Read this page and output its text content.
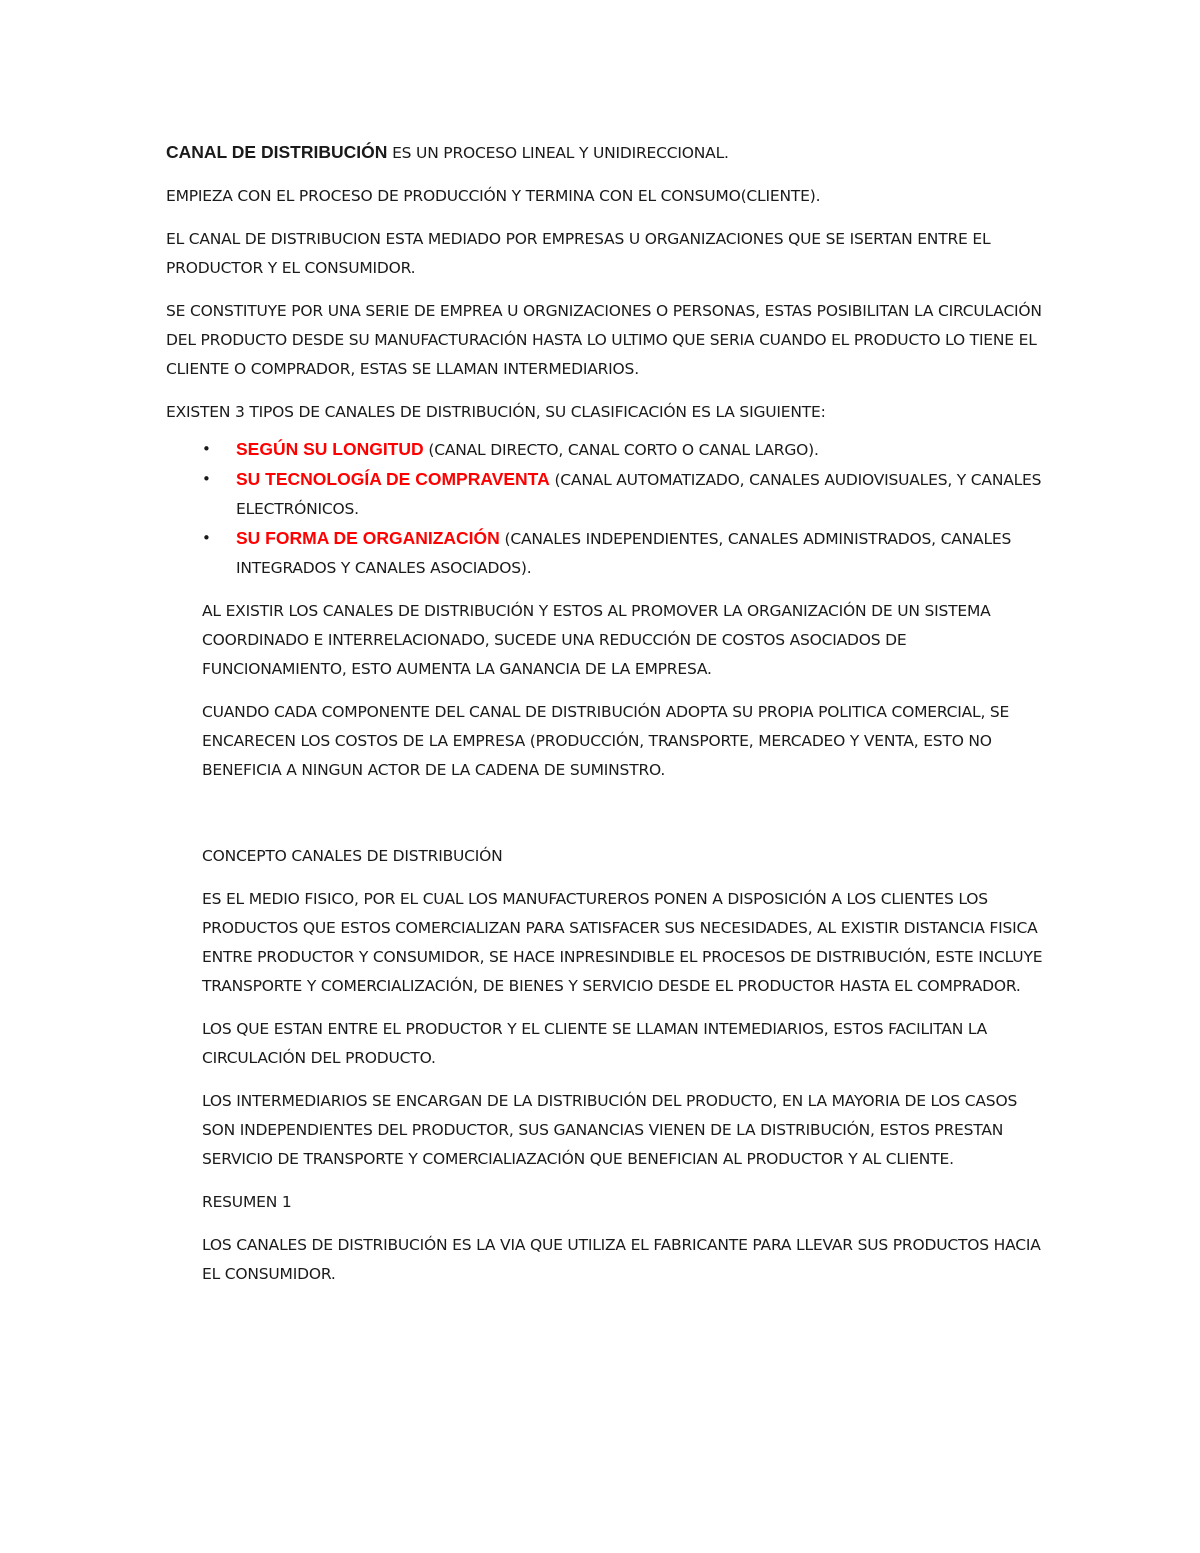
CANAL DE DISTRIBUCIÓN ES UN PROCESO LINEAL Y UNIDIRECCIONAL.

EMPIEZA CON EL PROCESO DE PRODUCCIÓN Y TERMINA CON EL CONSUMO(CLIENTE).

EL CANAL DE DISTRIBUCION ESTA MEDIADO POR EMPRESAS U ORGANIZACIONES QUE SE ISERTAN ENTRE EL PRODUCTOR Y EL CONSUMIDOR.

SE CONSTITUYE POR UNA SERIE DE EMPREA U ORGNIZACIONES O PERSONAS, ESTAS POSIBILITAN LA CIRCULACIÓN DEL PRODUCTO DESDE SU MANUFACTURACIÓN HASTA LO ULTIMO QUE SERIA CUANDO EL PRODUCTO LO TIENE EL CLIENTE O COMPRADOR, ESTAS SE LLAMAN INTERMEDIARIOS.

EXISTEN 3 TIPOS DE CANALES DE DISTRIBUCIÓN, SU CLASIFICACIÓN ES LA SIGUIENTE:

• SEGÚN SU LONGITUD (CANAL DIRECTO, CANAL CORTO O CANAL LARGO).
• SU TECNOLOGÍA DE COMPRAVENTA (CANAL AUTOMATIZADO, CANALES AUDIOVISUALES, Y CANALES ELECTRÓNICOS.
• SU FORMA DE ORGANIZACIÓN (CANALES INDEPENDIENTES, CANALES ADMINISTRADOS, CANALES INTEGRADOS Y CANALES ASOCIADOS).

AL EXISTIR LOS CANALES DE DISTRIBUCIÓN Y ESTOS AL PROMOVER LA ORGANIZACIÓN DE UN SISTEMA COORDINADO E INTERRELACIONADO, SUCEDE UNA REDUCCIÓN DE COSTOS ASOCIADOS DE FUNCIONAMIENTO, ESTO AUMENTA LA GANANCIA DE LA EMPRESA.

CUANDO CADA COMPONENTE DEL CANAL DE DISTRIBUCIÓN ADOPTA SU PROPIA POLITICA COMERCIAL, SE ENCARECEN LOS COSTOS DE LA EMPRESA (PRODUCCIÓN, TRANSPORTE, MERCADEO Y VENTA, ESTO NO BENEFICIA A NINGUN ACTOR DE LA CADENA DE SUMINSTRO.

CONCEPTO CANALES DE DISTRIBUCIÓN

ES EL MEDIO FISICO, POR EL CUAL LOS MANUFACTUREROS PONEN A DISPOSICIÓN A LOS CLIENTES LOS PRODUCTOS QUE ESTOS COMERCIALIZAN PARA SATISFACER SUS NECESIDADES, AL EXISTIR DISTANCIA FISICA ENTRE PRODUCTOR Y CONSUMIDOR, SE HACE INPRESINDIBLE EL PROCESOS DE DISTRIBUCIÓN, ESTE INCLUYE TRANSPORTE Y COMERCIALIZACIÓN, DE BIENES Y SERVICIO DESDE EL PRODUCTOR HASTA EL COMPRADOR.

LOS QUE ESTAN ENTRE EL PRODUCTOR Y EL CLIENTE SE LLAMAN INTEMEDIARIOS, ESTOS FACILITAN LA CIRCULACIÓN DEL PRODUCTO.

LOS INTERMEDIARIOS SE ENCARGAN DE LA DISTRIBUCIÓN DEL PRODUCTO, EN LA MAYORIA DE LOS CASOS SON INDEPENDIENTES DEL PRODUCTOR, SUS GANANCIAS VIENEN DE LA DISTRIBUCIÓN, ESTOS PRESTAN SERVICIO DE TRANSPORTE Y COMERCIALIAZACIÓN QUE BENEFICIAN AL PRODUCTOR Y AL CLIENTE.

RESUMEN 1

LOS CANALES DE DISTRIBUCIÓN ES LA VIA QUE UTILIZA EL FABRICANTE PARA LLEVAR SUS PRODUCTOS HACIA EL CONSUMIDOR.
